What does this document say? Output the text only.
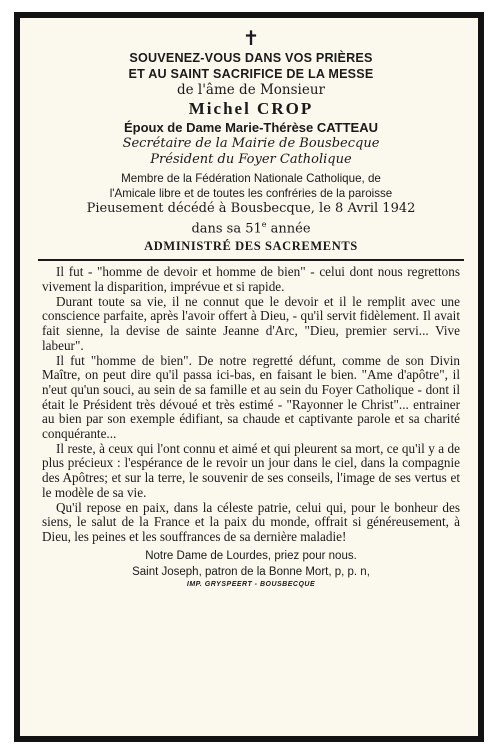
✝
SOUVENEZ-VOUS DANS VOS PRIÈRES
ET AU SAINT SACRIFICE DE LA MESSE
de l'âme de Monsieur
Michel CROP
Époux de Dame Marie-Thérèse CATTEAU
Secrétaire de la Mairie de Bousbecque
Président du Foyer Catholique
Membre de la Fédération Nationale Catholique, de
l'Amicale libre et de toutes les confréries de la paroisse
Pieusement décédé à Bousbecque, le 8 Avril 1942
dans sa 51e année
ADMINISTRÉ DES SACREMENTS

Il fut - "homme de devoir et homme de bien" - celui dont nous regrettons vivement la disparition, imprévue et si rapide.

Durant toute sa vie, il ne connut que le devoir et il le remplit avec une conscience parfaite, après l'avoir offert à Dieu, - qu'il servit fidèlement. Il avait fait sienne, la devise de sainte Jeanne d'Arc, "Dieu, premier servi... Vive labeur".

Il fut "homme de bien". De notre regretté défunt, comme de son Divin Maître, on peut dire qu'il passa ici-bas, en faisant le bien. "Ame d'apôtre", il n'eut qu'un souci, au sein de sa famille et au sein du Foyer Catholique - dont il était le Président très dévoué et très estimé - "Rayonner le Christ"... entrainer au bien par son exemple édifiant, sa chaude et captivante parole et sa charité conquérante...

Il reste, à ceux qui l'ont connu et aimé et qui pleurent sa mort, ce qu'il y a de plus précieux : l'espérance de le revoir un jour dans le ciel, dans la compagnie des Apôtres; et sur la terre, le souvenir de ses conseils, l'image de ses vertus et le modèle de sa vie.

Qu'il repose en paix, dans la céleste patrie, celui qui, pour le bonheur des siens, le salut de la France et la paix du monde, offrait si généreusement, à Dieu, les peines et les souffrances de sa dernière maladie!

Notre Dame de Lourdes, priez pour nous.
Saint Joseph, patron de la Bonne Mort, p, p. n,
IMP. GRYSPEERT - BOUSBECQUE
